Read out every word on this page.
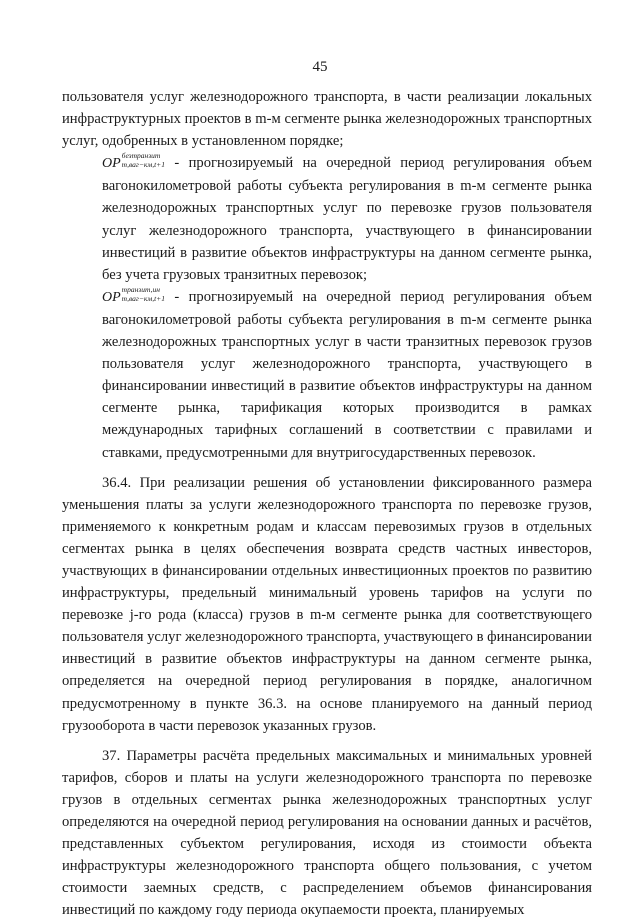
45

пользователя услуг железнодорожного транспорта, в части реализации локальных инфраструктурных проектов в m-м сегменте рынка железнодорожных транспортных услуг, одобренных в установленном порядке;

OP
безтранзит
m,ваг−км,t+1 - прогнозируемый на очередной период регулирования объем вагонокилометровой работы субъекта регулирования в m-м сегменте рынка железнодорожных транспортных услуг по перевозке грузов пользователя услуг железнодорожного транспорта, участвующего в финансировании инвестиций в развитие объектов инфраструктуры на данном сегменте рынка, без учета грузовых транзитных перевозок;

OP
транзит,ин
m,ваг−км,t+1 - прогнозируемый на очередной период регулирования объем вагонокилометровой работы субъекта регулирования в m-м сегменте рынка железнодорожных транспортных услуг в части транзитных перевозок грузов пользователя услуг железнодорожного транспорта, участвующего в финансировании инвестиций в развитие объектов инфраструктуры на данном сегменте рынка, тарификация которых производится в рамках международных тарифных соглашений в соответствии с правилами и ставками, предусмотренными для внутригосударственных перевозок.

36.4. При реализации решения об установлении фиксированного размера уменьшения платы за услуги железнодорожного транспорта по перевозке грузов, применяемого к конкретным родам и классам перевозимых грузов в отдельных сегментах рынка в целях обеспечения возврата средств частных инвесторов, участвующих в финансировании отдельных инвестиционных проектов по развитию инфраструктуры, предельный минимальный уровень тарифов на услуги по перевозке j-го рода (класса) грузов в m-м сегменте рынка для соответствующего пользователя услуг железнодорожного транспорта, участвующего в финансировании инвестиций в развитие объектов инфраструктуры на данном сегменте рынка, определяется на очередной период регулирования в порядке, аналогичном предусмотренному в пункте 36.3. на основе планируемого на данный период грузооборота в части перевозок указанных грузов.

37. Параметры расчёта предельных максимальных и минимальных уровней тарифов, сборов и платы на услуги железнодорожного транспорта по перевозке грузов в отдельных сегментах рынка железнодорожных транспортных услуг определяются на очередной период регулирования на основании данных и расчётов, представленных субъектом регулирования, исходя из стоимости объекта инфраструктуры железнодорожного транспорта общего пользования, с учетом стоимости заемных средств, с распределением объемов финансирования инвестиций по каждому году периода окупаемости проекта, планируемых
